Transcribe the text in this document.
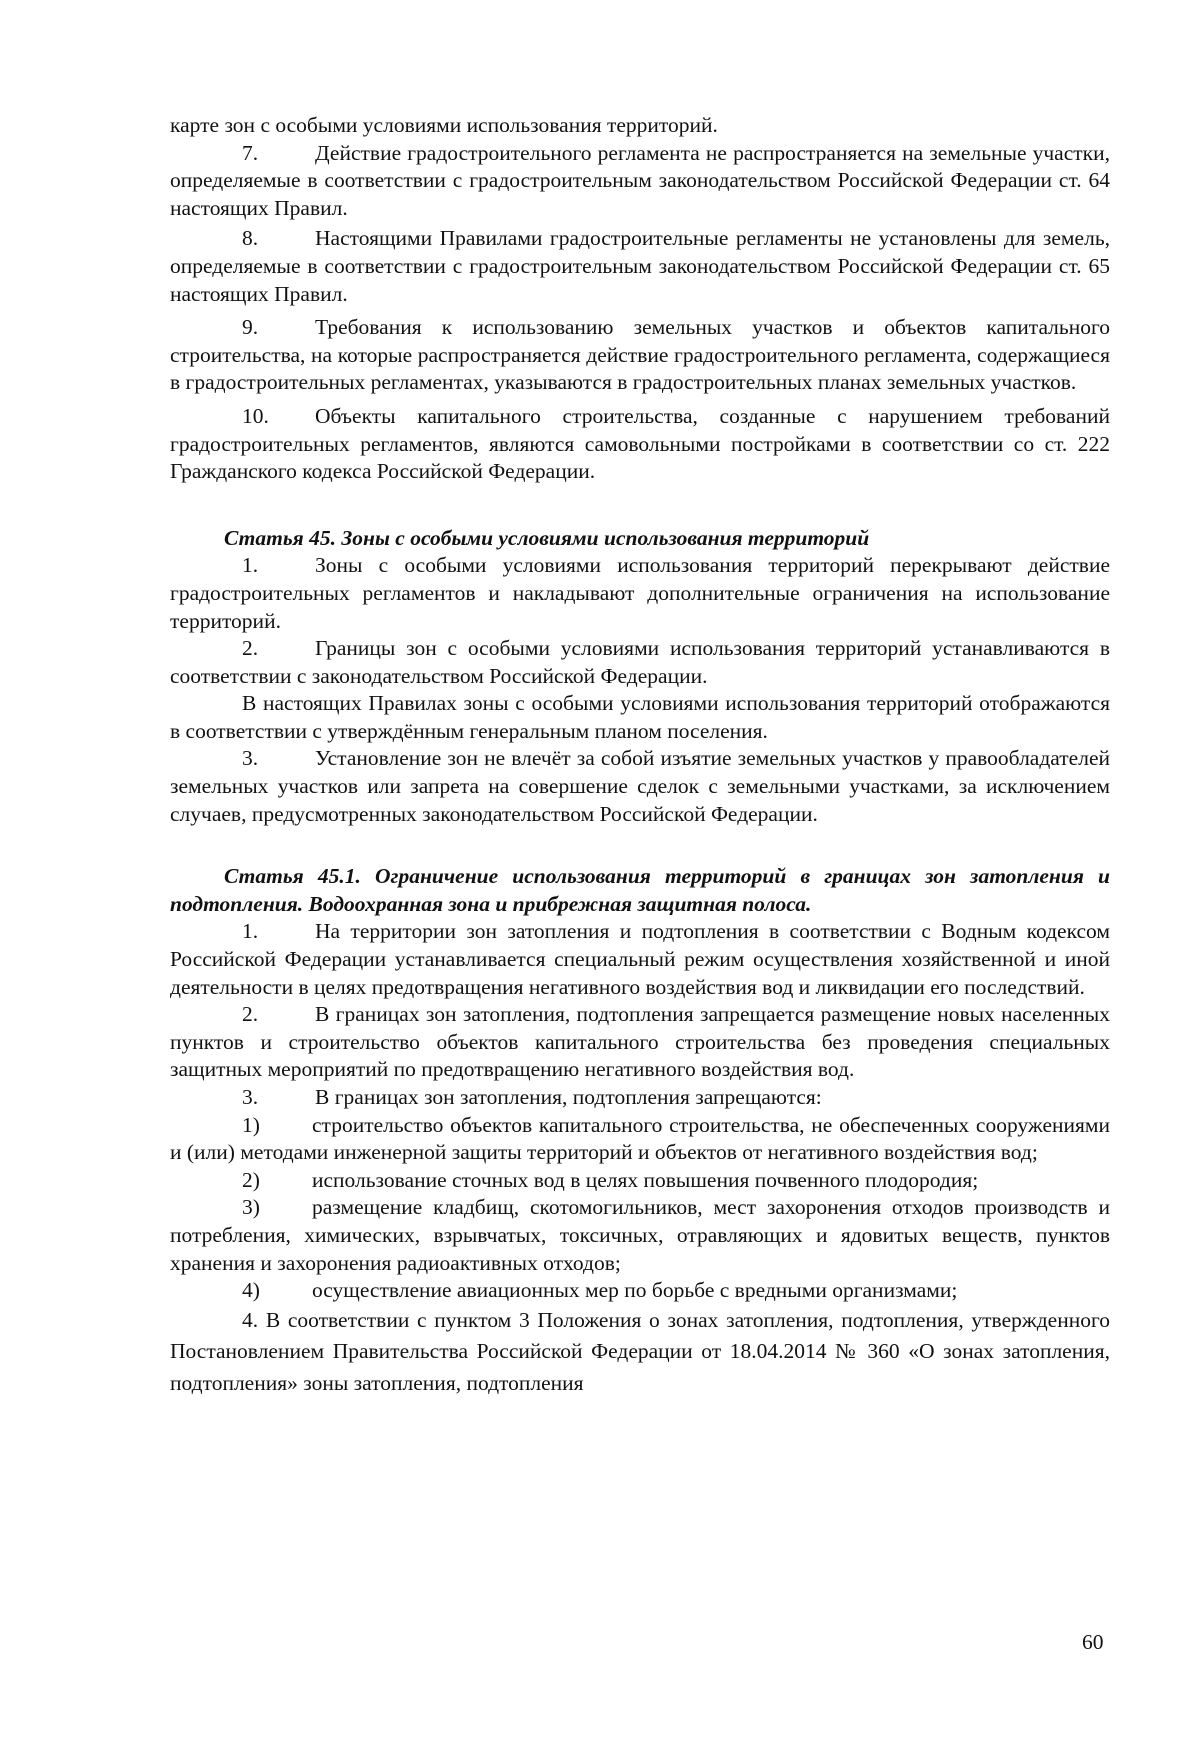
карте зон с особыми условиями использования территорий.

7.	Действие градостроительного регламента не распространяется на земельные участки, определяемые в соответствии с градостроительным законодательством Российской Федерации ст. 64 настоящих Правил.

8.	Настоящими Правилами градостроительные регламенты не установлены для земель, определяемые в соответствии с градостроительным законодательством Российской Федерации ст. 65 настоящих Правил.

9.	Требования к использованию земельных участков и объектов капитального строительства, на которые распространяется действие градостроительного регламента, содержащиеся в градостроительных регламентах, указываются в градостроительных планах земельных участков.

10. Объекты капитального строительства, созданные с нарушением требований градостроительных регламентов, являются самовольными постройками в соответствии со ст. 222 Гражданского кодекса Российской Федерации.

Статья 45. Зоны с особыми условиями использования территорий

1.	Зоны с особыми условиями использования территорий перекрывают действие градостроительных регламентов и накладывают дополнительные ограничения на использование территорий.

2.	Границы зон с особыми условиями использования территорий устанавливаются в соответствии с законодательством Российской Федерации.

В настоящих Правилах зоны с особыми условиями использования территорий отображаются в соответствии с утверждённым генеральным планом поселения.

3.	Установление зон не влечёт за собой изъятие земельных участков у правообладателей земельных участков или запрета на совершение сделок с земельными участками, за исключением случаев, предусмотренных законодательством Российской Федерации.

Статья 45.1. Ограничение использования территорий в границах зон затопления и подтопления. Водоохранная зона и прибрежная защитная полоса.

1.	На территории зон затопления и подтопления в соответствии с Водным кодексом Российской Федерации устанавливается специальный режим осуществления хозяйственной и иной деятельности в целях предотвращения негативного воздействия вод и ликвидации его последствий.

2.	В границах зон затопления, подтопления запрещается размещение новых населенных пунктов и строительство объектов капитального строительства без проведения специальных защитных мероприятий по предотвращению негативного воздействия вод.

3.	В границах зон затопления, подтопления запрещаются:

1) строительство объектов капитального строительства, не обеспеченных сооружениями и (или) методами инженерной защиты территорий и объектов от негативного воздействия вод;

2) использование сточных вод в целях повышения почвенного плодородия;

3) размещение кладбищ, скотомогильников, мест захоронения отходов производств и потребления, химических, взрывчатых, токсичных, отравляющих и ядовитых веществ, пунктов хранения и захоронения радиоактивных отходов;

4) осуществление авиационных мер по борьбе с вредными организмами;

4. В соответствии с пунктом 3 Положения о зонах затопления, подтопления, утвержденного Постановлением Правительства Российской Федерации от 18.04.2014 № 360 «О зонах затопления, подтопления» зоны затопления, подтопления

60
